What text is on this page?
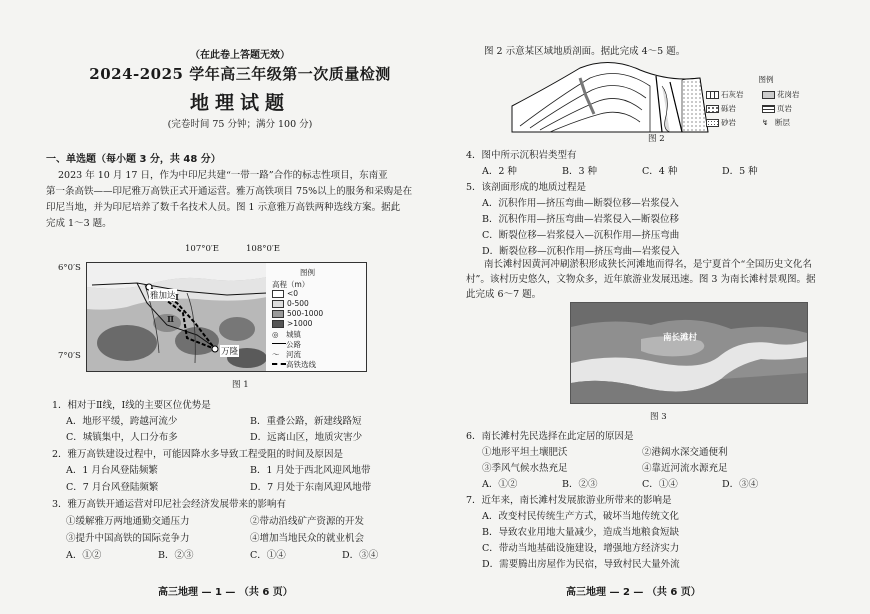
（在此卷上答题无效）
2024-2025 学年高三年级第一次质量检测
地理试题
(完卷时间 75 分钟；满分 100 分)
一、单选题（每小题 3 分，共 48 分）
2023 年 10 月 17 日，作为中印尼共建“一带一路”合作的标志性项目，东南亚
第一条高铁——印尼雅万高铁正式开通运营。雅万高铁项目 75%以上的服务和采购是在
印尼当地，并为印尼培养了数千名技术人员。图 1 示意雅万高铁两种选线方案。据此
完成 1～3 题。
107°0′E	108°0′E
6°0′S
7°0′S
雅加达
万隆
Ⅰ
Ⅱ
图例
高程（m）
<0
0-500
500-1000
>1000
◎ 城镇
公路
～ 河流
高铁选线
图 1
1．相对于Ⅱ线，Ⅰ线的主要区位优势是
A．地形平缓，跨越河流少	B．重叠公路，新建线路短
C．城镇集中，人口分布多	D．远离山区，地质灾害少
2．雅万高铁建设过程中，可能因降水多导致工程受阻的时间及原因是
A．1 月台风登陆频繁	B．1 月处于西北风迎风地带
C．7 月台风登陆频繁	D．7 月处于东南风迎风地带
3．雅万高铁开通运营对印尼社会经济发展带来的影响有
①缓解雅万两地通勤交通压力	②带动沿线矿产资源的开发
③提升中国高铁的国际竞争力	④增加当地民众的就业机会
A．①②	B．②③	C．①④	D．③④
高三地理 — 1 — （共 6 页）
图 2 示意某区域地质剖面。据此完成 4～5 题。
图例
石灰岩	花岗岩 砾岩	页岩 砂岩	↯ 断层
图 2
4．图中所示沉积岩类型有
A．2 种	B．3 种	C．4 种	D．5 种
5．该剖面形成的地质过程是
A．沉积作用—挤压弯曲—断裂位移—岩浆侵入
B．沉积作用—挤压弯曲—岩浆侵入—断裂位移
C．断裂位移—岩浆侵入—沉积作用—挤压弯曲
D．断裂位移—沉积作用—挤压弯曲—岩浆侵入
南长滩村因黄河冲刷淤积形成狭长河滩地而得名，是宁夏首个“全国历史文化名
村”。该村历史悠久，文物众多，近年旅游业发展迅速。图 3 为南长滩村景观图。据
此完成 6～7 题。
南长滩村
图 3
6．南长滩村先民选择在此定居的原因是
①地形平坦土壤肥沃	②港阔水深交通便利
③季风气候水热充足	④靠近河流水源充足
A．①②	B．②③	C．①④	D．③④
7．近年来，南长滩村发展旅游业所带来的影响是
A．改变村民传统生产方式，破坏当地传统文化
B．导致农业用地大量减少，造成当地粮食短缺
C．带动当地基础设施建设，增强地方经济实力
D．需要腾出房屋作为民宿，导致村民大量外流
高三地理 — 2 — （共 6 页）
